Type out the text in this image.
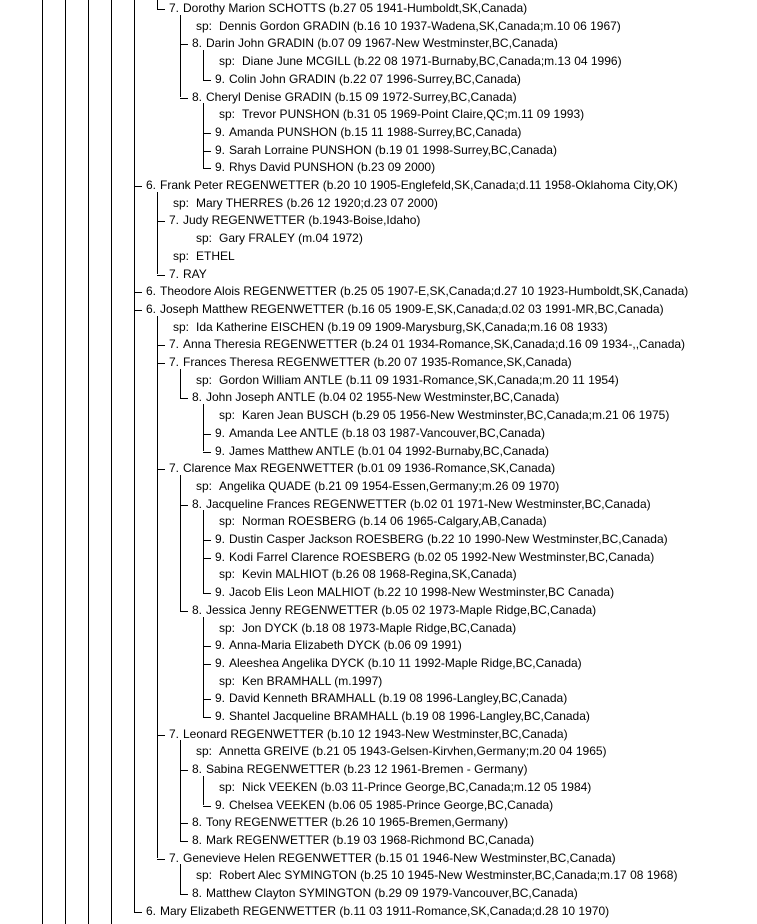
7. Dorothy Marion SCHOTTS (b.27 05 1941-Humboldt,SK,Canada)
sp: Dennis Gordon GRADIN (b.16 10 1937-Wadena,SK,Canada;m.10 06 1967)
8. Darin John GRADIN (b.07 09 1967-New Westminster,BC,Canada)
sp: Diane June MCGILL (b.22 08 1971-Burnaby,BC,Canada;m.13 04 1996)
9. Colin John GRADIN (b.22 07 1996-Surrey,BC,Canada)
8. Cheryl Denise GRADIN (b.15 09 1972-Surrey,BC,Canada)
sp: Trevor PUNSHON (b.31 05 1969-Point Claire,QC;m.11 09 1993)
9. Amanda PUNSHON (b.15 11 1988-Surrey,BC,Canada)
9. Sarah Lorraine PUNSHON (b.19 01 1998-Surrey,BC,Canada)
9. Rhys David PUNSHON (b.23 09 2000)
6. Frank Peter REGENWETTER (b.20 10 1905-Englefeld,SK,Canada;d.11 1958-Oklahoma City,OK)
sp: Mary THERRES (b.26 12 1920;d.23 07 2000)
7. Judy REGENWETTER (b.1943-Boise,Idaho)
sp: Gary FRALEY (m.04 1972)
sp: ETHEL
7. RAY
6. Theodore Alois REGENWETTER (b.25 05 1907-E,SK,Canada;d.27 10 1923-Humboldt,SK,Canada)
6. Joseph Matthew REGENWETTER (b.16 05 1909-E,SK,Canada;d.02 03 1991-MR,BC,Canada)
sp: Ida Katherine EISCHEN (b.19 09 1909-Marysburg,SK,Canada;m.16 08 1933)
7. Anna Theresia REGENWETTER (b.24 01 1934-Romance,SK,Canada;d.16 09 1934-,,Canada)
7. Frances Theresa REGENWETTER (b.20 07 1935-Romance,SK,Canada)
sp: Gordon William ANTLE (b.11 09 1931-Romance,SK,Canada;m.20 11 1954)
8. John Joseph ANTLE (b.04 02 1955-New Westminster,BC,Canada)
sp: Karen Jean BUSCH (b.29 05 1956-New Westminster,BC,Canada;m.21 06 1975)
9. Amanda Lee ANTLE (b.18 03 1987-Vancouver,BC,Canada)
9. James Matthew ANTLE (b.01 04 1992-Burnaby,BC,Canada)
7. Clarence Max REGENWETTER (b.01 09 1936-Romance,SK,Canada)
sp: Angelika QUADE (b.21 09 1954-Essen,Germany;m.26 09 1970)
8. Jacqueline Frances REGENWETTER (b.02 01 1971-New Westminster,BC,Canada)
sp: Norman ROESBERG (b.14 06 1965-Calgary,AB,Canada)
9. Dustin Casper Jackson ROESBERG (b.22 10 1990-New Westminster,BC,Canada)
9. Kodi Farrel Clarence ROESBERG (b.02 05 1992-New Westminster,BC,Canada)
sp: Kevin MALHIOT (b.26 08 1968-Regina,SK,Canada)
9. Jacob Elis Leon MALHIOT (b.22 10 1998-New Westminster,BC Canada)
8. Jessica Jenny REGENWETTER (b.05 02 1973-Maple Ridge,BC,Canada)
sp: Jon DYCK (b.18 08 1973-Maple Ridge,BC,Canada)
9. Anna-Maria Elizabeth DYCK (b.06 09 1991)
9. Aleeshea Angelika DYCK (b.10 11 1992-Maple Ridge,BC,Canada)
sp: Ken BRAMHALL (m.1997)
9. David Kenneth BRAMHALL (b.19 08 1996-Langley,BC,Canada)
9. Shantel Jacqueline BRAMHALL (b.19 08 1996-Langley,BC,Canada)
7. Leonard REGENWETTER (b.10 12 1943-New Westminster,BC,Canada)
sp: Annetta GREIVE (b.21 05 1943-Gelsen-Kirvhen,Germany;m.20 04 1965)
8. Sabina REGENWETTER (b.23 12 1961-Bremen - Germany)
sp: Nick VEEKEN (b.03 11-Prince George,BC,Canada;m.12 05 1984)
9. Chelsea VEEKEN (b.06 05 1985-Prince George,BC,Canada)
8. Tony REGENWETTER (b.26 10 1965-Bremen,Germany)
8. Mark REGENWETTER (b.19 03 1968-Richmond BC,Canada)
7. Genevieve Helen REGENWETTER (b.15 01 1946-New Westminster,BC,Canada)
sp: Robert Alec SYMINGTON (b.25 10 1945-New Westminster,BC,Canada;m.17 08 1968)
8. Matthew Clayton SYMINGTON (b.29 09 1979-Vancouver,BC,Canada)
6. Mary Elizabeth REGENWETTER (b.11 03 1911-Romance,SK,Canada;d.28 10 1970)
